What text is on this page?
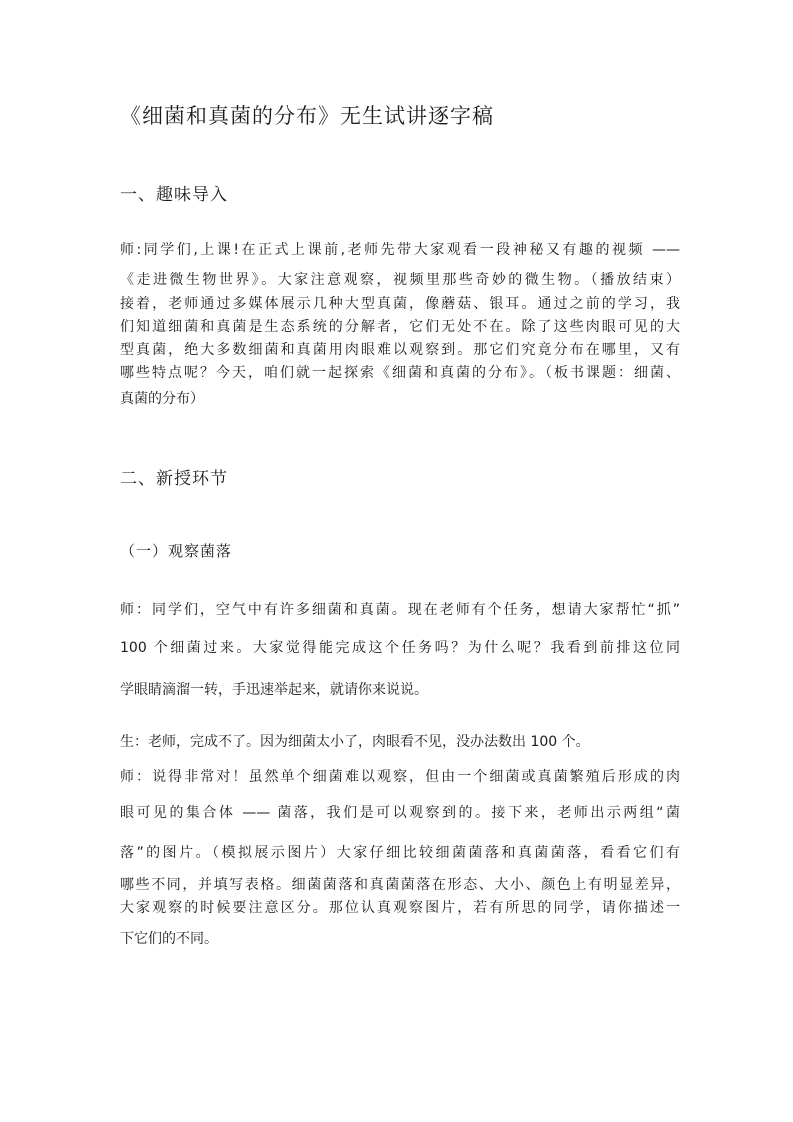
《细菌和真菌的分布》无生试讲逐字稿
一、趣味导入
师:同学们,上课!在正式上课前,老师先带大家观看一段神秘又有趣的视频 ——
《走进微生物世界》。大家注意观察，视频里那些奇妙的微生物。（播放结束）
接着，老师通过多媒体展示几种大型真菌，像蘑菇、银耳。通过之前的学习，我
们知道细菌和真菌是生态系统的分解者，它们无处不在。除了这些肉眼可见的大
型真菌，绝大多数细菌和真菌用肉眼难以观察到。那它们究竟分布在哪里，又有
哪些特点呢？今天，咱们就一起探索《细菌和真菌的分布》。（板书课题：细菌、
真菌的分布）
二、新授环节
（一）观察菌落
师：同学们，空气中有许多细菌和真菌。现在老师有个任务，想请大家帮忙“抓”
100 个细菌过来。大家觉得能完成这个任务吗？为什么呢？我看到前排这位同
学眼睛滴溜一转，手迅速举起来，就请你来说说。
生：老师，完成不了。因为细菌太小了，肉眼看不见，没办法数出 100 个。
师：说得非常对！虽然单个细菌难以观察，但由一个细菌或真菌繁殖后形成的肉
眼可见的集合体 —— 菌落，我们是可以观察到的。接下来，老师出示两组“菌
落”的图片。（模拟展示图片）大家仔细比较细菌菌落和真菌菌落，看看它们有
哪些不同，并填写表格。细菌菌落和真菌菌落在形态、大小、颜色上有明显差异，
大家观察的时候要注意区分。那位认真观察图片，若有所思的同学，请你描述一
下它们的不同。
